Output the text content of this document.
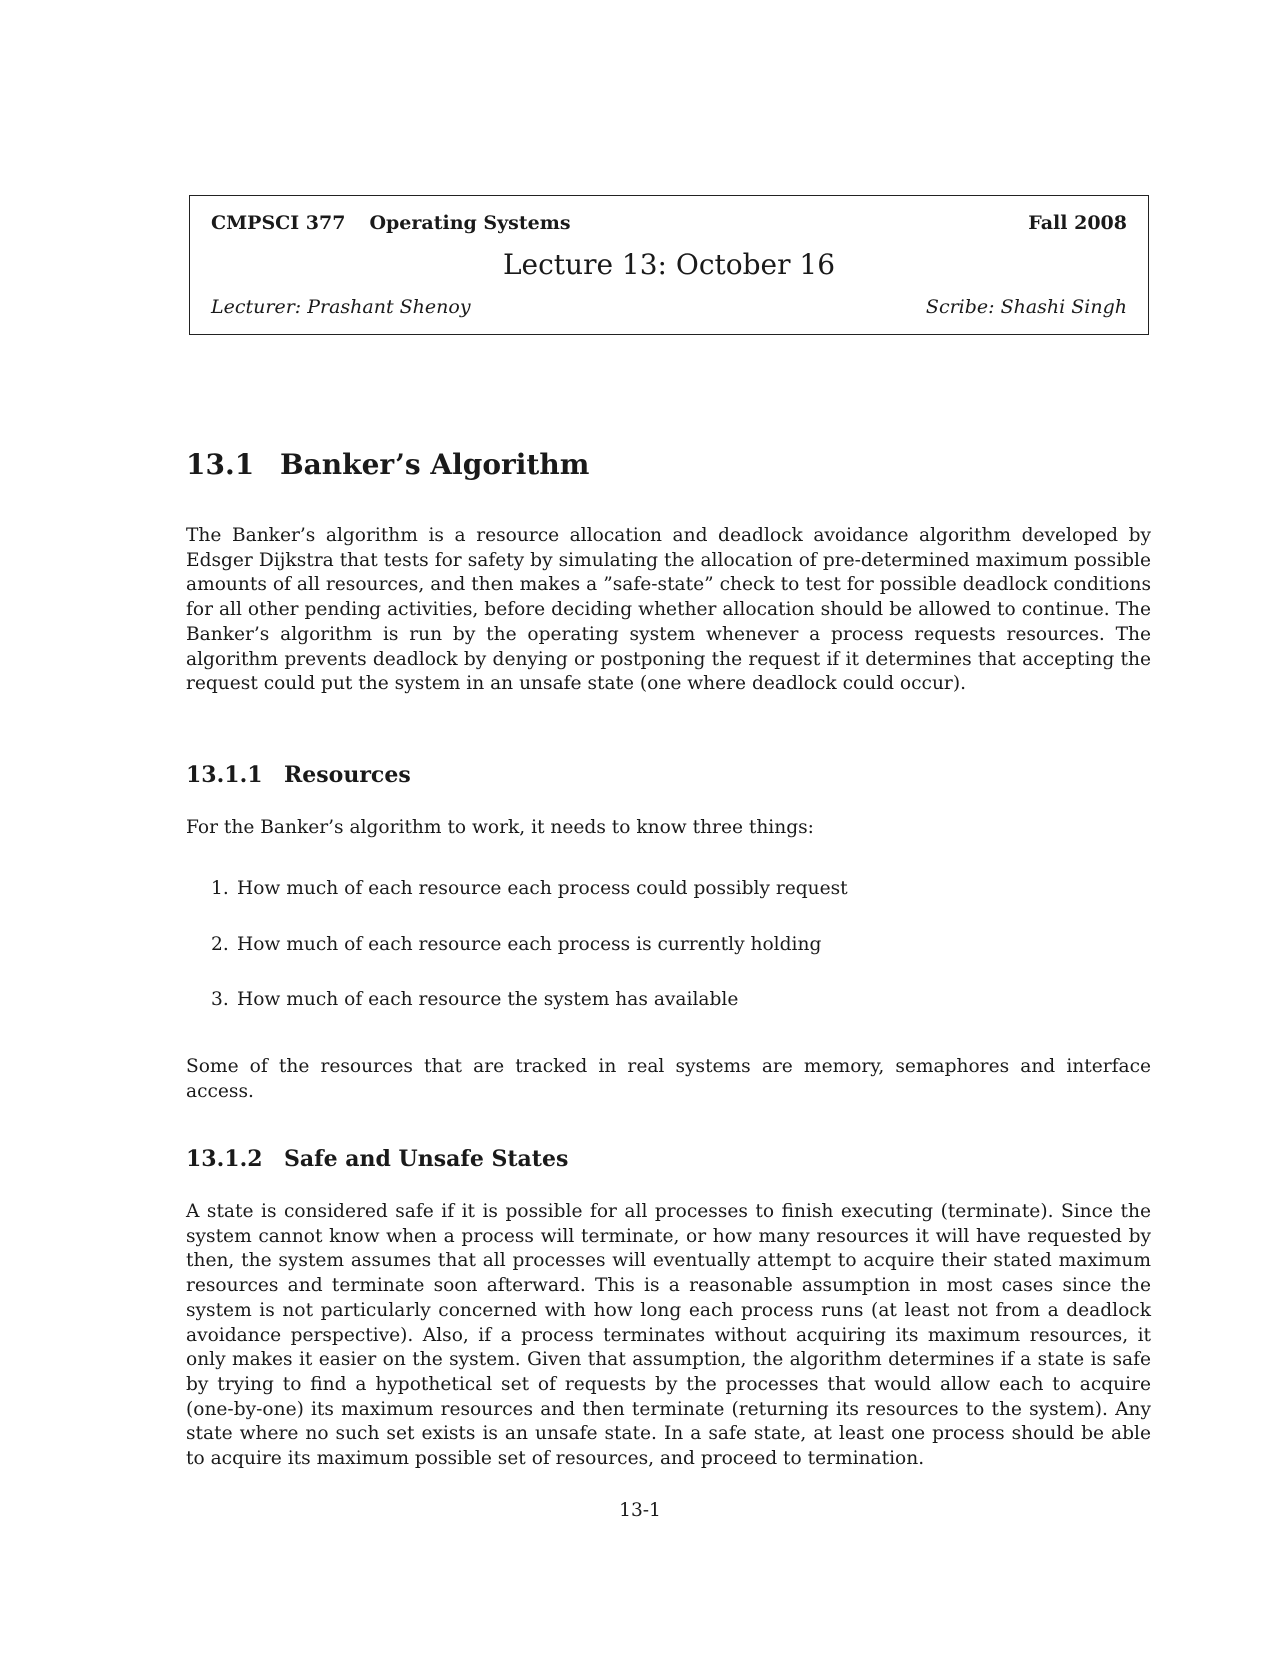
CMPSCI 377 Operating Systems	Fall 2008
Lecture 13: October 16
Lecturer: Prashant Shenoy	Scribe: Shashi Singh
13.1 Banker’s Algorithm

The Banker’s algorithm is a resource allocation and deadlock avoidance algorithm developed by Edsger Dijkstra that tests for safety by simulating the allocation of pre-determined maximum possible amounts of all resources, and then makes a ”safe-state” check to test for possible deadlock conditions for all other pending activities, before deciding whether allocation should be allowed to continue. The Banker’s algorithm is run by the operating system whenever a process requests resources. The algorithm prevents deadlock by denying or postponing the request if it determines that accepting the request could put the system in an unsafe state (one where deadlock could occur).

13.1.1 Resources

For the Banker’s algorithm to work, it needs to know three things:

1. How much of each resource each process could possibly request
2. How much of each resource each process is currently holding
3. How much of each resource the system has available

Some of the resources that are tracked in real systems are memory, semaphores and interface access.

13.1.2 Safe and Unsafe States

A state is considered safe if it is possible for all processes to finish executing (terminate). Since the system cannot know when a process will terminate, or how many resources it will have requested by then, the system assumes that all processes will eventually attempt to acquire their stated maximum resources and terminate soon afterward. This is a reasonable assumption in most cases since the system is not particularly concerned with how long each process runs (at least not from a deadlock avoidance perspective). Also, if a process terminates without acquiring its maximum resources, it only makes it easier on the system. Given that assumption, the algorithm determines if a state is safe by trying to find a hypothetical set of requests by the processes that would allow each to acquire (one-by-one) its maximum resources and then terminate (returning its resources to the system). Any state where no such set exists is an unsafe state. In a safe state, at least one process should be able to acquire its maximum possible set of resources, and proceed to termination.

13-1
